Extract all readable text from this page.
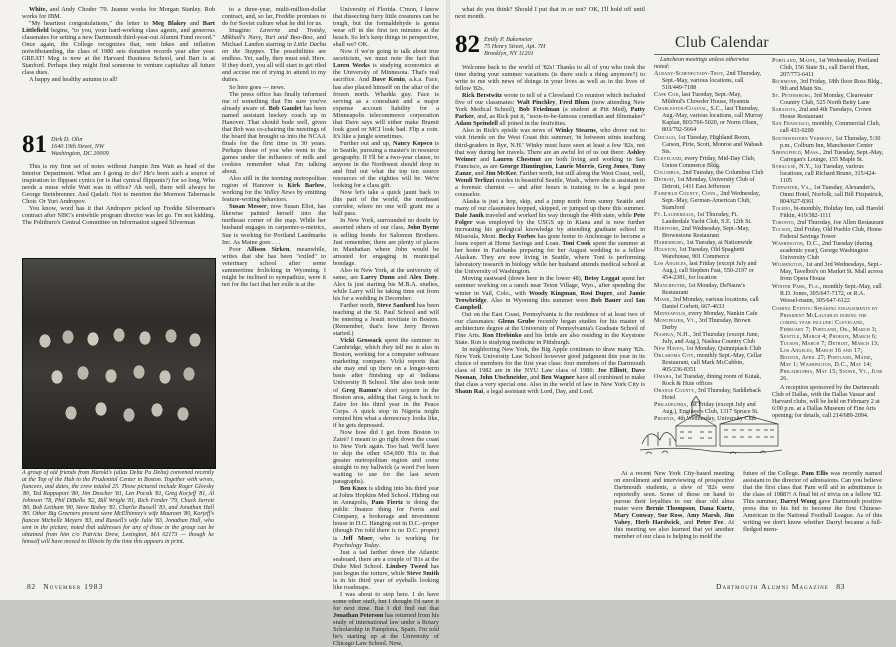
White, and Andy Choder '79. Jeanne works for Morgan Stanley. Rob works for IBM.

"My heartiest congratulations," the letter to Meg Blakey and Bart Littlefield begins, "to you, your hard-working class agents, and generous classmates for setting a new Dartmouth third-year-out Alumni Fund record." Once again, the College recognizes that, rent hikes and inflation notwithstanding, the class of 1980 sets donation records year after year. GREAT! Meg is now at the Harvard Business School, and Bart is at Stanford. Perhaps they might find someone to venture capitalize all future class dues.

A happy and healthy autumn to all!

81 Dirk D. Olin
1640 19th Street, NW
Washington, DC 20009

This is my first set of notes without Jumpin Jim Watt as head of the Interior Department. What am I going to do? He's been such a source of inspiration to flippant cynics (or is that cynical flippants?) for so long. Who needs a muse while Watt was in office? Ah well, there will always be George Steinbrenner. And Qadafi. Not to mention the Mormon Tabernacle Choir. Or Yuri Andropov.

You know, word has it that Andropov picked up Freddie Silverman's contract after NBC's erstwhile program director was let go. I'm not kidding. The Politburo's Central Committee on Information signed Silverman

A group of old friends from Harold's (alias Delta Pu Delta) convened recently at the Top of the Hub in the Prudential Center in Boston. Together with wives, fiancees, and dates, the crew totaled 25. Those pictured include Roger Glovsky '80, Ted Rappaport '80, Jim Doscher '81, Len Pocsik '81, Greg Korjeff '81, Al Johnson '78, Phil DiBello '82, Bill Wright '81, Rich Fender '79, Chuck Jarrett '80, Bob Leitham '80, Steve Bisbey '81, Charlie Russell '83, and Jonathan Hall '80. Other Big Greeners present were McElhinney's wife Maureen '80, Korjeff's fiancee Michelle Meyers '83, and Russell's wife Julie '83. Jonathan Hall, who sent in the picture, noted that addresses for any of those in the group can be obtained from him c/o Patricia Drew, Lexington, MA 02173 — though he himself will have moved to Illinois by the time this appears in print.

to a three-year, multi-million-dollar contract, and, so far, Freddie promises to do for Soviet culture what he did for us.

Imagine: Laverne and Trotsky, Mikhail's Navy, Yuri and Boo-Boo, and Michael Landon starring in Little Dacha on the Steppes. The possibilities are endless. Yet, sadly, they must end. Here. If they don't, you all will start to get riled and accuse me of trying to attend to my duties.

So here goes — news.

The press office has finally informed me of something that I'm sure you've already aware of. Bob Gaudet has been named assistant hockey coach up in Hanover. That should bode well, given that Bob was co-chairing the meetings of the board that brought us into the NCAA finals for the first time in 30 years. Perhaps those of you who went to the games under the influence of milk and cookies remember what I'm talking about.

Also still in the teeming metropolitan region of Hanover is Kirk Barlow, working for the Valley News by emitting feature-writing behaviors.

Susan Messer, now Susan Eliot, has likewise painted herself into the northeast corner of the map. While her husband engages in carpenter-o-metrics, Sue is working for Portland Landmarks Inc. As Maine goes . . .

Poor Allison Sirken, meanwhile, writes that she has been "exiled" to veterinary school after some summertime frolicking in Wyoming. I might be inclined to sympathize, were it not for the fact that her exile is at the

University of Florida. C'mon, I know that dissecting furry little creatures can be tough, but the formaldehyde is gonna wear off in the first ten minutes at the beach. So let's keep things in perspective, shall we? OK.

Now if we're going to talk about true asceticism, we must note the fact that Loren Weeks is studying economics at the University of Minnesota. That's real sacrifice. And Dave Kenin, a.k.a. Face, has also placed himself on the altar of the frozen north. Whadda guy. Face is serving as a consultant and a major expense account liability for a Minneapolis telecommerce corporation that Dave says will either make Bramit look good or MCI look bad. Flip a coin. It's like a jungle sometimes.

Further out and up, Nancy Kopsco is in Seattle, pursuing a master's in resource geography. If I'll be a two-year clause, to anyone in the Northwest should drop in and find out what the top ten source resources of the eighties will be. We're looking for a class gift.

Now let's take a quick jaunt back to this part of the world, the northeast corridor, where no one will grant me a half pass.

In New York, surrounded no doubt by assorted others of our class, John Byrne is selling bonds for Salomon Brothers. Just remember, there are plenty of places in Manhattan where John would be arrested for engaging in municipal bondage.

Also in New York, at the university of same, are Larry Dunn and Alex Doty. Alex is just starting his M.B.A. studies, while Larry will be taking time out from his for a wedding in December.

Farther north, Steve Sanford has been teaching at the St. Paul School and will be entering a Jesuit novitiate in Boston. (Remember, that's how Jerry Brown started.)

Vicki Grossack spent the summer in Cambridge, which they tell me is also in Boston, working for a computer software marketing company. Vicki reports that she may end up there on a longer-term basis after finishing up at Indiana University B School. She also took note of Greg Ramm's short sojourn in the Boston area, adding that Greg is back to Zaire for his third year in the Peace Corps. A quick stop in Nigeria might remind him what a democracy looks like, if he gets depressed.

Now how did I get from Boston to Zaire? I meant to go right down the coast to New York again. Too bad. We'll have to skip the other 654,000 '81s in that greater metropolitan region and come straight to my ballwick (a word I've been waiting to use for the last seven paragraphs).

Ben Knox is sliding into his third year at Johns Hopkins Med School. Hiding out in Annapolis, Pam Fiertz is doing the public finance thing for Ferris and Company, a brokerage and investment house in D.C. Hanging out in D.C.-proper (though I'm told there is no D.C. proper) is Jeff Moer, who is working for Psychology Today.

Just a tad farther down the Atlantic seaboard, there are a couple of '81s at the Duke Med School. Lindsey Tweed has just begun the torture, while Steve Smith is in his third year of eyeballs looking like roadmaps.

I was about to stop here. I do have some other stuff, but I thought I'd save it for next time. But I did find out that Jonathan Peterson has returned from his study of international law under a Rotary Scholarship in Pamplona, Spain. I'm told he's starting up at the University of Chicago Law School. Now,

82 November 1983

what do you think? Should I put that in or not? OK, I'll hold off until next month.

82 Emily P. Bakemeier
75 Henry Street, Apt. 7H
Brooklyn, NY 11201

Welcome back to the world of '82s! Thanks to all of you who took the time during your summer vacations (is there such a thing anymore?) to write to me with news of doings in your lives as well as in the lives of fellow '82s.

Rick Berstwitz wrote to tell of a Cleveland Co reunion which included five of our classmates: Walt Pinchley, Fred Blum (now attending New York Medical School), Bob Friedman (a student at Pitt Med), Patty Parker, and, as Rick put it, "soon-to-be-famous comedian and filmmaker" Adam Speindell all joined in the festivities.

Also in Rick's epistle was news of Winky Stearns, who drove out to visit friends on the West Coast this summer, 'in between stints teaching third-graders in Rye, N.H.' Winky must have seen at least a few '82s, not that way during her travels. There are an awful lot of us out there: Ashley Weimer and Lauren Chestnut are both living and working in San Francisco, as are George Huntington, Laurie Morris, Greg Jones, Tony Zanze, and Jim McKee. Farther north, but still along the West Coast, well, Wendi Terlizzi resides in beautiful Seattle, Wash., where she is assistant to a forensic chemist — and after hours is training to be a legal peer counselor.

Alaska is just a hop, skip, and a jump north from sunny Seattle and many of our classmates hopped, skipped, or jumped up there this summer. Dale Janik traveled and worked his way through the 49th state, while Pete Folger was employed by the USGS up in Kiana and is now further increasing his geological knowledge by attending graduate school in Missoula, Mont. Becky Forbes has gone home to Anchorage to become a loans expert at Home Savings and Loan. Toni Cook spent the summer at her home in Fairbanks preparing for her August wedding to a fellow Alaskan. They are now living in Seattle, where Toni is performing laboratory research in biology while her husband attends medical school at the University of Washington.

Moving eastward (down here in the lower 48), Betsy Leggat spent her summer working on a ranch near Teton Village, Wyo., after spending the winter in Vail, Colo., with Woody Kingman, Rosi Dupre, and Jamie Trowbridge. Also in Wyoming this summer were Bob Bauer and Ian Campbell.

Out on the East Coast, Pennsylvania is the residence of at least two of our classmates: Glenn Grube recently began studies for his master of architecture degree at the University of Pennsylvania's Graduate School of Fine Arts. Ron Hrebinko and his bride are also residing in the Keystone State. Ron is studying medicine in Pittsburgh.

In neighboring New York, the Big Apple continues to draw many '82s. New York University Law School however good judgment this year in its choice of members for the first year class: four members of the Dartmouth class of 1982 are in the NYU Law class of 1986: Joe Elliott, Dave Noonan, John Utschneider, and Ben Wagner have all combined to make that class a very special one. Also in the world of law in New York City is Shaun Rai, a legal assistant with Lord, Day, and Lord.

Club Calendar

Luncheon meetings unless otherwise noted:

Albany-Schenectady-Troy, 2nd Thursday, Sept.-May, various locations, call 518/449-7188

Cape Cod, last Tuesday, Sept.-May, Mildred's Chowder House, Hyannis

Charleston-Coastal, S.C., last Thursday, Aug.-May, various locations, call Murray Kaplan, 803/766-5020, or Norm Olsen, 803/792-5664

Chicago, 1st Tuesday, Highland Room, Carson, Pirie, Scott, Monroe and Wabash Sts.

Cleveland, every Friday, Mid-Day Club, Union Commerce Bldg.

Columbus, 2nd Tuesday, the Columbus Club

Detroit, 1st Monday, University Club of Detroit, 1411 East Jefferson

Fairfield County, Conn., 2nd Wednesday, Sept.-May, German-American Club, Stamford

Ft. Lauderdale, 1st Thursday, Ft. Lauderdale Yacht Club, S.E. 12th St.

Hartford, 2nd Wednesday, Sept.-May, Brownstone Restaurant

Harrisburg, 1st Tuesday, at Nationwide

Houston, 1st Tuesday, Old Spaghetti Warehouse, 901 Commerce

Los Angeles, last Friday (except July and Aug.), call Stephen Fast, 550-2197 or 454-2381, for location

Manchester, 1st Monday, DeNauw's Restaurant

Miami, 3rd Monday, various locations, call Daniel Corbett, 667-4633

Minneapolis, every Monday, Nankin Cafe

Montpelier, Vt., 3rd Thursday, Brown Derby

Nashua, N.H., 3rd Thursday (except June, July, and Aug.), Nashua Country Club

New Haven, 1st Monday, Quinnipiack Club

Oklahoma City, monthly Sept.-May, Cellar Restaurant, call Mark McCubbin, 405/236-8351

Omaha, 1st Tuesday, dining room of Kutak, Rock & Huie offices

Orange County, 3rd Thursday, Saddleback Hotel

Philadelphia, 1st Friday (except July and Aug.), Engineers Club, 1317 Spruce St.

Phoenix, 4th Wednesday, University Club

Portland, Maine, 1st Wednesday, Portland Club, 156 State St., call David Hunt, 207/773-6411

Richmond, 3rd Friday, 18th floor Ross Bldg., 9th and Main Sts.

St. Petersburg, 3rd Monday, Clearwater Country Club, 525 North Betty Lane

Sarasota, 2nd and 4th Tuesdays, Crown House Restaurant

San Francisco, monthly, Commercial Club, call 433-0200

Southwestern Vermont, 1st Thursday, 5:30 p.m., Colburn Inn, Manchester Center

Springfield, Mass., 2nd Tuesday, Sept.-May, Carregan's Lounge, 155 Maple St.

Syracuse, N.Y., 1st Tuesday, various locations, call Richard Bruno, 315/424-1105

Tidewater, Va., 1st Tuesday, Alexander's, Omni Hotel, Norfolk, call Bill Fitzpatrick, 804/627-8361

Toledo, bi-monthly, Holiday Inn, call Harold Fitkin, 419/382-1111

Toronto, 2nd Thursday, Joe Allen Restaurant

Tucson, 2nd Friday, Old Pueblo Club, Home Federal Savings Tower

Washington, D.C., 2nd Tuesday (during academic year), George Washington University Club

Wilmington, 1st and 3rd Wednesdays, Sept.-May, Tavelboi's on Market St. Mall across from Opera House

Winter Park, Fla., monthly Sept.-May, call R.D. Jones, 305/647-7172, or R.A. Wessel-mann, 305/647-6122

Coming Events: Speaking engagements by President McLaughlin during the coming year include: Cleveland, February 7; Portland, Or., March 3; Seattle, March 4; Phoenix, March 6; Tucson, March 7; Detroit, March 13; Los Angeles, March 16 and 17; Boston, April 27; Portland, Maine, May 1; Washington, D.C., May 14; Philadelphia, May 15; Snowe, Vt., June 26.

A reception sponsored by the Dartmouth Club of Dallas, with the Dallas Vassar and Harvard clubs, will be held on February 2 at 6:00 p.m. at a Dallas Museum of Fine Arts opening; for details, call 214/689-2094.

At a recent New York City-based meeting on enrollment and interviewing of prospective Dartmouth students, a slew of '82s were reportedly seen. Some of those on hand to pursue their loyalties to our dear old alma mater were Bernie Thompson, Dana Kurtz, Mary Conway, Sue Ross, Amy Marsh, Jim Vahey, Herb Hardwick, and Peter Fee. At this meeting we also learned that yet another member of our class is helping to mold the

future of the College. Pam Ellis was recently named assistant to the director of admissions. Can you believe that the first class that Pam will aid in admittance is the class of 1988?! A final bit of trivia on a fellow '82. This summer, Darryl Wong gave Dartmouth positive press due to his bid to become the first Chinese-American in the National Football League. As of this writing we don't know whether Darryl became a full-fledged mem-

Dartmouth Alumni Magazine 83
